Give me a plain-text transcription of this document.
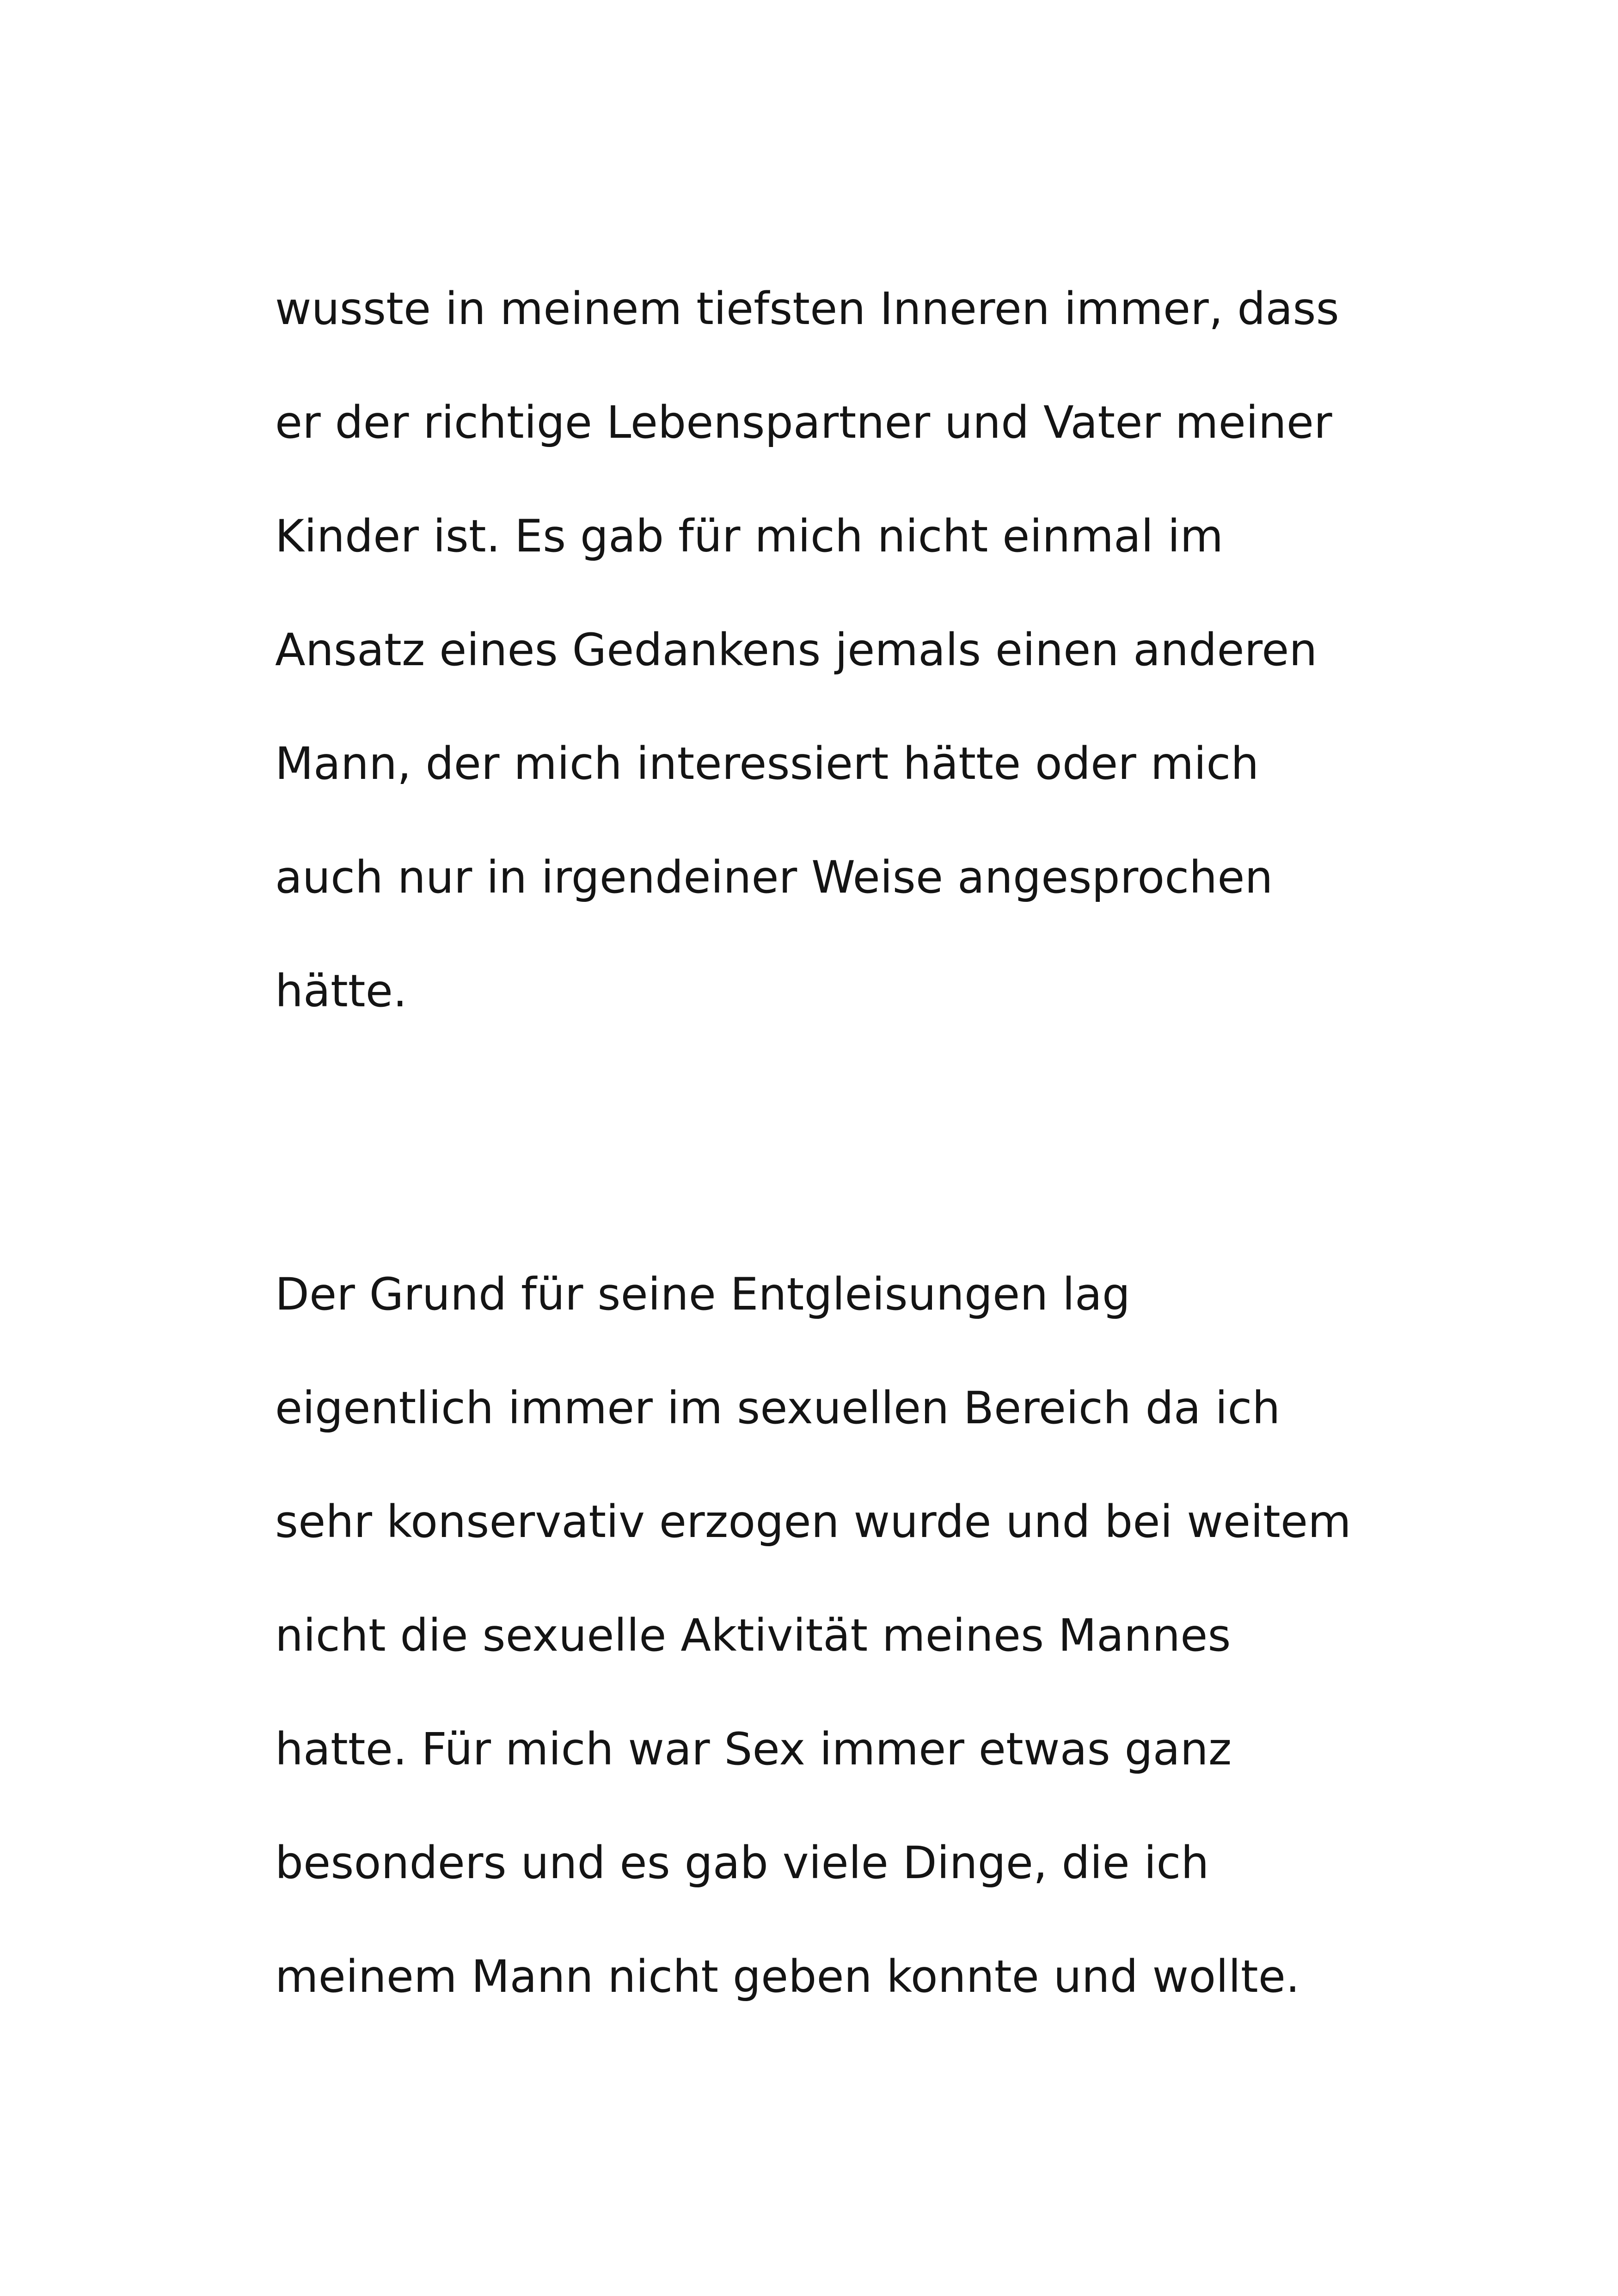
wusste in meinem tiefsten Inneren immer, dass

er der richtige Lebenspartner und Vater meiner

Kinder ist. Es gab für mich nicht einmal im

Ansatz eines Gedankens jemals einen anderen

Mann, der mich interessiert hätte oder mich

auch nur in irgendeiner Weise angesprochen

hätte.

Der Grund für seine Entgleisungen lag

eigentlich immer im sexuellen Bereich da ich

sehr konservativ erzogen wurde und bei weitem

nicht die sexuelle Aktivität meines Mannes

hatte. Für mich war Sex immer etwas ganz

besonders und es gab viele Dinge, die ich

meinem Mann nicht geben konnte und wollte.
